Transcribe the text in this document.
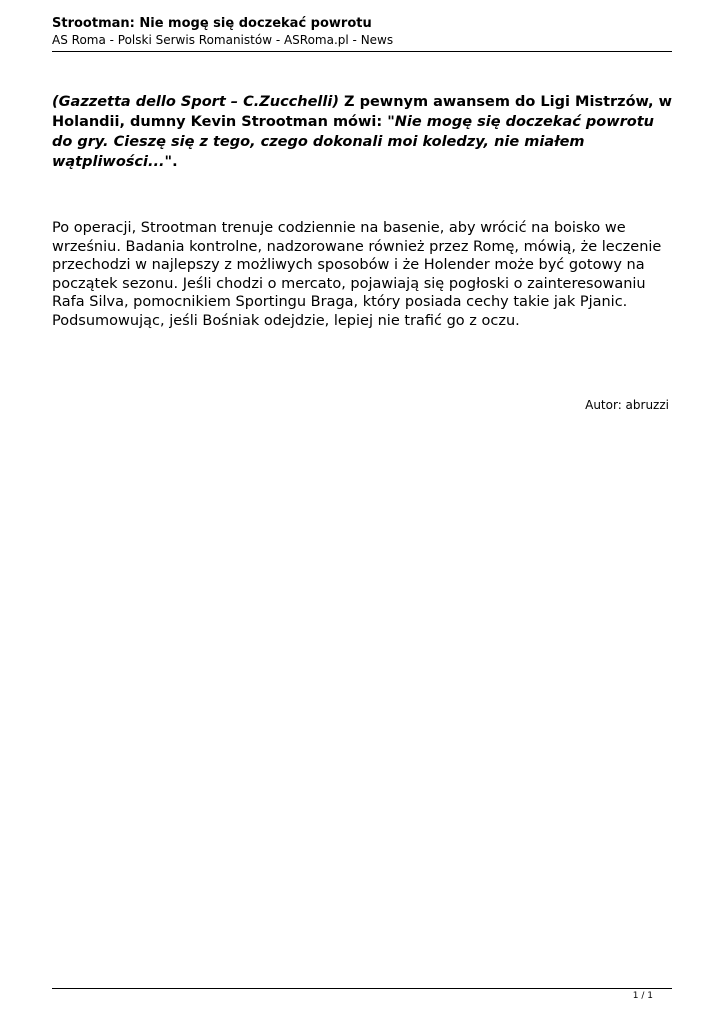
Strootman: Nie mogę się doczekać powrotu

AS Roma - Polski Serwis Romanistów - ASRoma.pl - News

(Gazzetta dello Sport – C.Zucchelli) Z pewnym awansem do Ligi Mistrzów, w Holandii, dumny Kevin Strootman mówi: "Nie mogę się doczekać powrotu do gry. Cieszę się z tego, czego dokonali moi koledzy, nie miałem wątpliwości...".

Po operacji, Strootman trenuje codziennie na basenie, aby wrócić na boisko we wrześniu. Badania kontrolne, nadzorowane również przez Romę, mówią, że leczenie przechodzi w najlepszy z możliwych sposobów i że Holender może być gotowy na początek sezonu. Jeśli chodzi o mercato, pojawiają się pogłoski o zainteresowaniu Rafa Silva, pomocnikiem Sportingu Braga, który posiada cechy takie jak Pjanic. Podsumowując, jeśli Bośniak odejdzie, lepiej nie trafić go z oczu.

Autor: abruzzi
1 / 1
